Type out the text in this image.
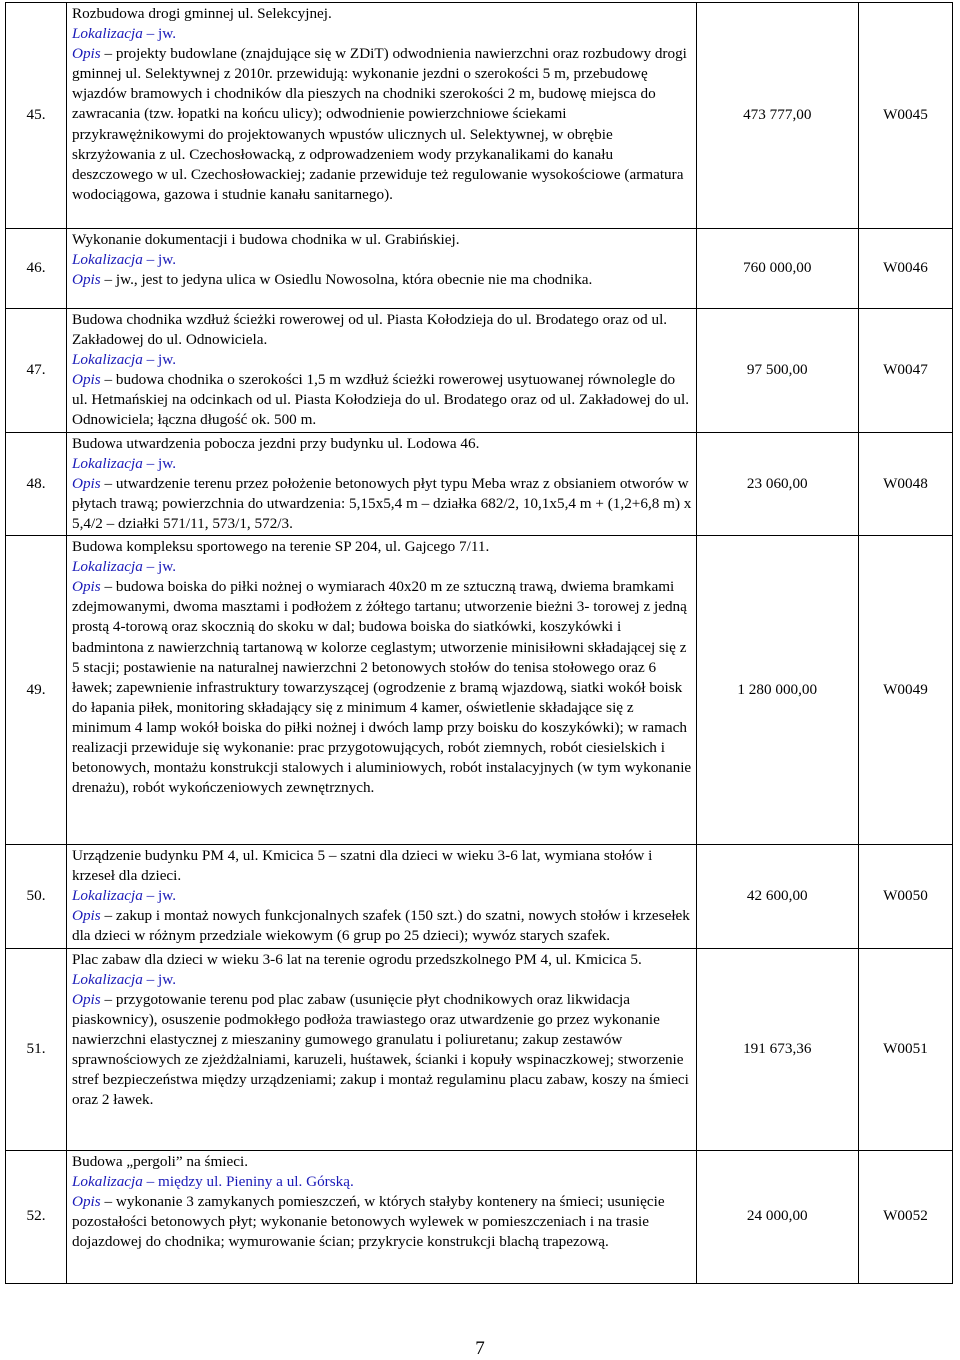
45.	Rozbudowa drogi gminnej ul. Selekcyjnej.
Lokalizacja – jw.
Opis – projekty budowlane (znajdujące się w ZDiT) odwodnienia nawierzchni oraz rozbudowy drogi gminnej ul. Selektywnej z 2010r. przewidują: wykonanie jezdni o szerokości 5 m, przebudowę wjazdów bramowych i chodników dla pieszych na chodniki szerokości 2 m, budowę miejsca do zawracania (tzw. łopatki na końcu ulicy); odwodnienie powierzchniowe ściekami przykrawężnikowymi do projektowanych wpustów ulicznych ul. Selektywnej, w obrębie skrzyżowania z ul. Czechosłowacką, z odprowadzeniem wody przykanalikami do kanału deszczowego w ul. Czechosłowackiej; zadanie przewiduje też regulowanie wysokościowe (armatura wodociągowa, gazowa i studnie kanału sanitarnego).	473 777,00	W0045
46.	Wykonanie dokumentacji i budowa chodnika w ul. Grabińskiej.
Lokalizacja – jw.
Opis – jw., jest to jedyna ulica w Osiedlu Nowosolna, która obecnie nie ma chodnika.	760 000,00	W0046
47.	Budowa chodnika wzdłuż ścieżki rowerowej od ul. Piasta Kołodzieja do ul. Brodatego oraz od ul. Zakładowej do ul. Odnowiciela.
Lokalizacja – jw.
Opis – budowa chodnika o szerokości 1,5 m wzdłuż ścieżki rowerowej usytuowanej równolegle do ul. Hetmańskiej na odcinkach od ul. Piasta Kołodzieja do ul. Brodatego oraz od ul. Zakładowej do ul. Odnowiciela; łączna długość ok. 500 m.	97 500,00	W0047
48.	Budowa utwardzenia pobocza jezdni przy budynku ul. Lodowa 46.
Lokalizacja – jw.
Opis – utwardzenie terenu przez położenie betonowych płyt typu Meba wraz z obsianiem otworów w płytach trawą; powierzchnia do utwardzenia: 5,15x5,4 m – działka 682/2, 10,1x5,4 m + (1,2+6,8 m) x 5,4/2 – działki 571/11, 573/1, 572/3.	23 060,00	W0048
49.	Budowa kompleksu sportowego na terenie SP 204, ul. Gajcego 7/11.
Lokalizacja – jw.
Opis – budowa boiska do piłki nożnej o wymiarach 40x20 m ze sztuczną trawą, dwiema bramkami zdejmowanymi, dwoma masztami i podłożem z żółtego tartanu; utworzenie bieżni 3- torowej z jedną prostą 4-torową oraz skocznią do skoku w dal; budowa boiska do siatkówki, koszykówki i badmintona z nawierzchnią tartanową w kolorze ceglastym; utworzenie minisiłowni składającej się z 5 stacji; postawienie na naturalnej nawierzchni 2 betonowych stołów do tenisa stołowego oraz 6 ławek; zapewnienie infrastruktury towarzyszącej (ogrodzenie z bramą wjazdową, siatki wokół boisk do łapania piłek, monitoring składający się z minimum 4 kamer, oświetlenie składające się z minimum 4 lamp wokół boiska do piłki nożnej i dwóch lamp przy boisku do koszykówki); w ramach realizacji przewiduje się wykonanie: prac przygotowujących, robót ziemnych, robót ciesielskich i betonowych, montażu konstrukcji stalowych i aluminiowych, robót instalacyjnych (w tym wykonanie drenażu), robót wykończeniowych zewnętrznych.	1 280 000,00	W0049
50.	Urządzenie budynku PM 4, ul. Kmicica 5 – szatni dla dzieci w wieku 3-6 lat, wymiana stołów i krzeseł dla dzieci.
Lokalizacja – jw.
Opis – zakup i montaż nowych funkcjonalnych szafek (150 szt.) do szatni, nowych stołów i krzesełek dla dzieci w różnym przedziale wiekowym (6 grup po 25 dzieci); wywóz starych szafek.	42 600,00	W0050
51.	Plac zabaw dla dzieci w wieku 3-6 lat na terenie ogrodu przedszkolnego PM 4, ul. Kmicica 5.
Lokalizacja – jw.
Opis – przygotowanie terenu pod plac zabaw (usunięcie płyt chodnikowych oraz likwidacja piaskownicy), osuszenie podmokłego podłoża trawiastego oraz utwardzenie go przez wykonanie nawierzchni elastycznej z mieszaniny gumowego granulatu i poliuretanu; zakup zestawów sprawnościowych ze zjeżdżalniami, karuzeli, huśtawek, ścianki i kopuły wspinaczkowej; stworzenie stref bezpieczeństwa między urządzeniami; zakup i montaż regulaminu placu zabaw, koszy na śmieci oraz 2 ławek.	191 673,36	W0051
52.	Budowa „pergoli” na śmieci.
Lokalizacja – między ul. Pieniny a ul. Górską.
Opis – wykonanie 3 zamykanych pomieszczeń, w których stałyby kontenery na śmieci; usunięcie pozostałości betonowych płyt; wykonanie betonowych wylewek w pomieszczeniach i na trasie dojazdowej do chodnika; wymurowanie ścian; przykrycie konstrukcji blachą trapezową.	24 000,00	W0052
7
